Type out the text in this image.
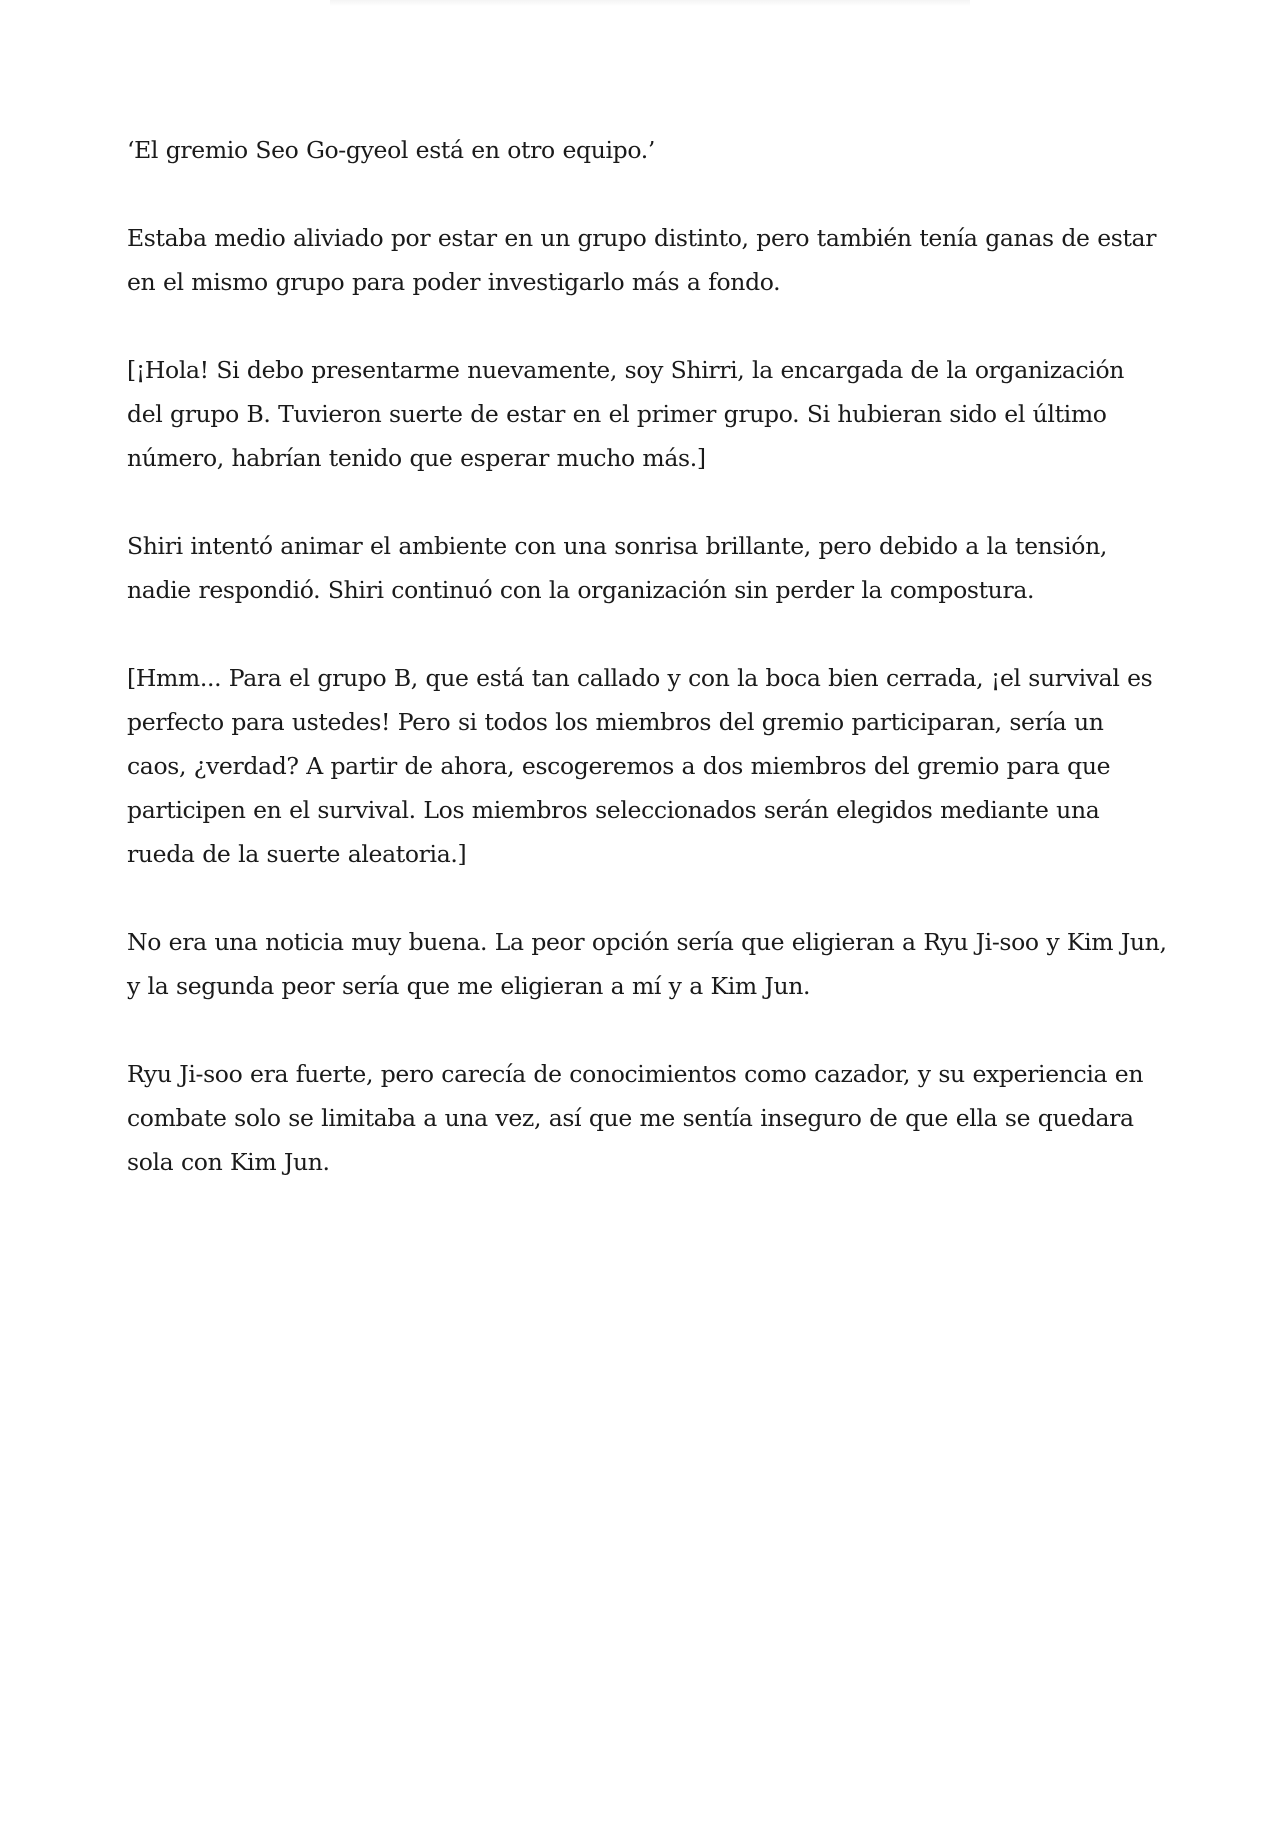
‘El gremio Seo Go-gyeol está en otro equipo.’

Estaba medio aliviado por estar en un grupo distinto, pero también tenía ganas de estar en el mismo grupo para poder investigarlo más a fondo.

[¡Hola! Si debo presentarme nuevamente, soy Shirri, la encargada de la organización del grupo B. Tuvieron suerte de estar en el primer grupo. Si hubieran sido el último número, habrían tenido que esperar mucho más.]

Shiri intentó animar el ambiente con una sonrisa brillante, pero debido a la tensión, nadie respondió. Shiri continuó con la organización sin perder la compostura.

[Hmm... Para el grupo B, que está tan callado y con la boca bien cerrada, ¡el survival es perfecto para ustedes! Pero si todos los miembros del gremio participaran, sería un caos, ¿verdad? A partir de ahora, escogeremos a dos miembros del gremio para que participen en el survival. Los miembros seleccionados serán elegidos mediante una rueda de la suerte aleatoria.]

No era una noticia muy buena. La peor opción sería que eligieran a Ryu Ji-soo y Kim Jun, y la segunda peor sería que me eligieran a mí y a Kim Jun.

Ryu Ji-soo era fuerte, pero carecía de conocimientos como cazador, y su experiencia en combate solo se limitaba a una vez, así que me sentía inseguro de que ella se quedara sola con Kim Jun.
